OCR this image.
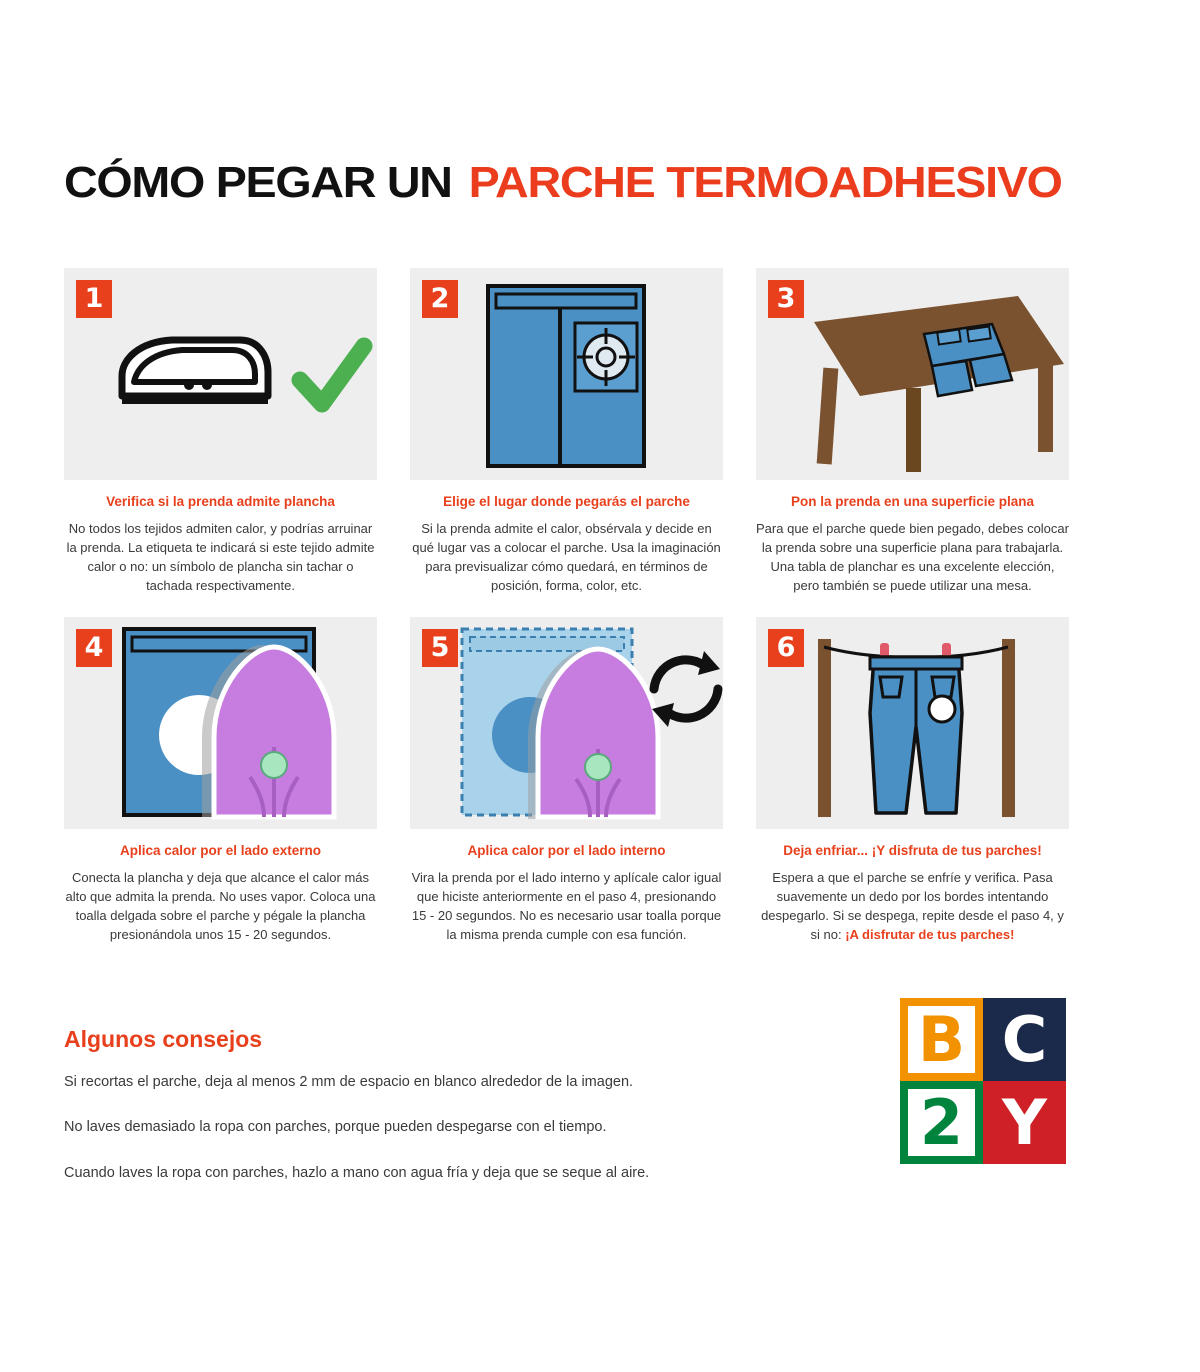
CÓMO PEGAR UN PARCHE TERMOADHESIVO
1
Verifica si la prenda admite plancha
No todos los tejidos admiten calor, y podrías arruinar la prenda. La etiqueta te indicará si este tejido admite calor o no: un símbolo de plancha sin tachar o tachada respectivamente.
2
Elige el lugar donde pegarás el parche
Si la prenda admite el calor, obsérvala y decide en qué lugar vas a colocar el parche. Usa la imaginación para previsualizar cómo quedará, en términos de posición, forma, color, etc.
3
Pon la prenda en una superficie plana
Para que el parche quede bien pegado, debes colocar la prenda sobre una superficie plana para trabajarla. Una tabla de planchar es una excelente elección, pero también se puede utilizar una mesa.
4
Aplica calor por el lado externo
Conecta la plancha y deja que alcance el calor más alto que admita la prenda. No uses vapor. Coloca una toalla delgada sobre el parche y pégale la plancha presionándola unos 15 - 20 segundos.
5
Aplica calor por el lado interno
Vira la prenda por el lado interno y aplícale calor igual que hiciste anteriormente en el paso 4, presionando 15 - 20 segundos. No es necesario usar toalla porque la misma prenda cumple con esa función.
6
Deja enfriar... ¡Y disfruta de tus parches!
Espera a que el parche se enfríe y verifica. Pasa suavemente un dedo por los bordes intentando despegarlo. Si se despega, repite desde el paso 4, y si no: ¡A disfrutar de tus parches!
Algunos consejos
Si recortas el parche, deja al menos 2 mm de espacio en blanco alrededor de la imagen.
No laves demasiado la ropa con parches, porque pueden despegarse con el tiempo.
Cuando laves la ropa con parches, hazlo a mano con agua fría y deja que se seque al aire.
B C
2 Y
